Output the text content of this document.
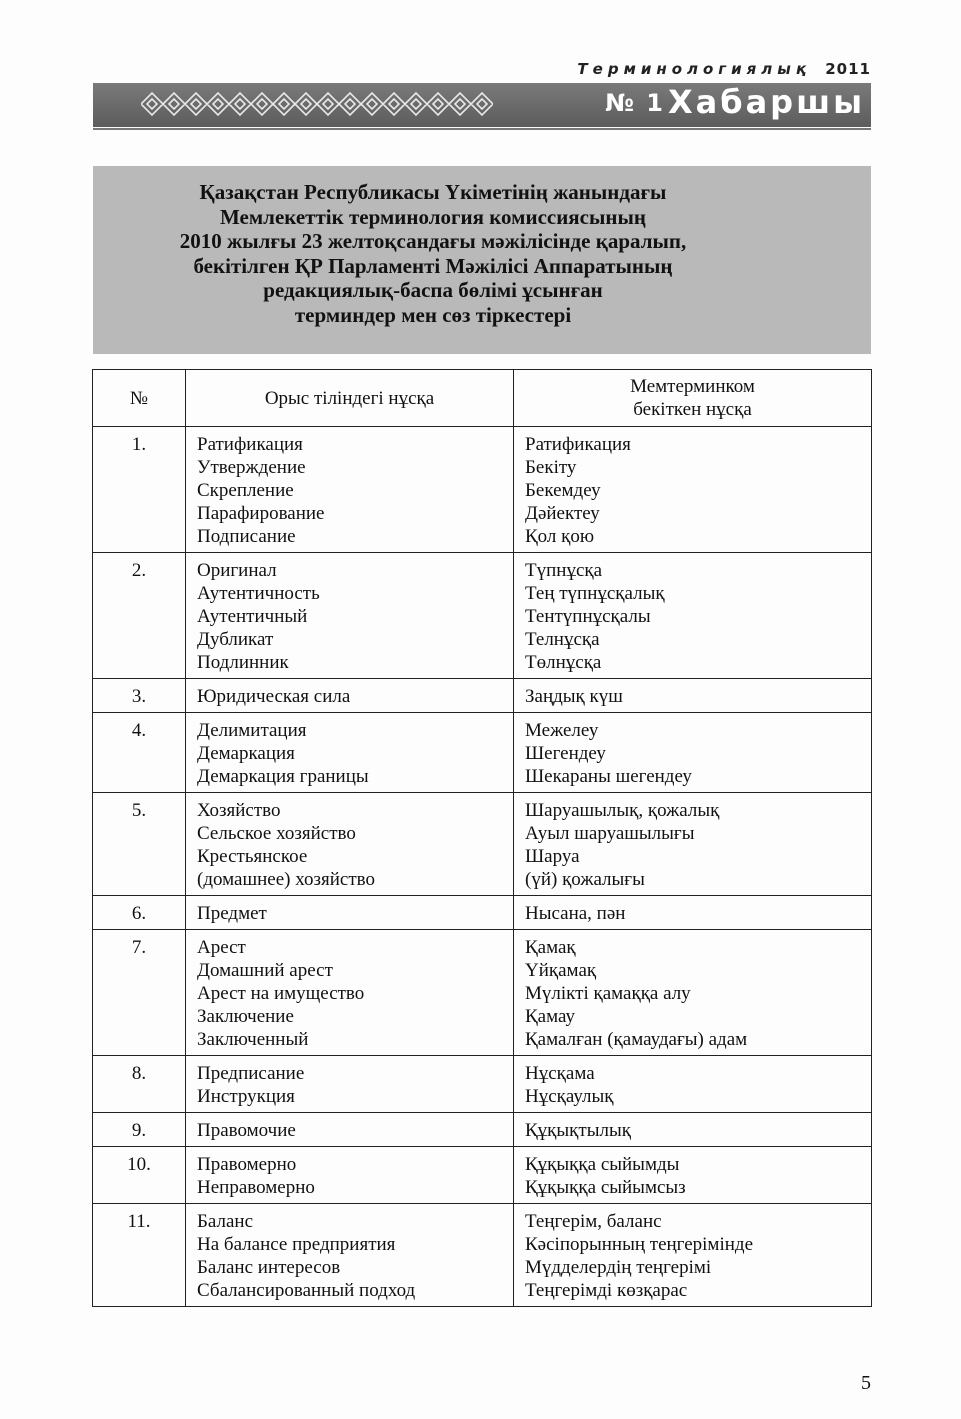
Терминологиялық 2011
№ 1 Хабаршы
Қазақстан Республикасы Үкіметінің жанындағы
Мемлекеттік терминология комиссиясының
2010 жылғы 23 желтоқсандағы мәжілісінде қаралып,
бекітілген ҚР Парламенті Мәжілісі Аппаратының
редакциялық-баспа бөлімі ұсынған
терминдер мен сөз тіркестері
№	Орыс тіліндегі нұсқа	Мемтерминком
бекіткен нұсқа

1.	Ратификация
Утверждение
Скрепление
Парафирование
Подписание	Ратификация
Бекіту
Бекемдеу
Дәйектеу
Қол қою

2.	Оригинал
Аутентичность
Аутентичный
Дубликат
Подлинник	Түпнұсқа
Тең түпнұсқалық
Тентүпнұсқалы
Телнұсқа
Төлнұсқа

3.	Юридическая сила	Заңдық күш

4.	Делимитация
Демаркация
Демаркация границы	Межелеу
Шегендеу
Шекараны шегендеу

5.	Хозяйство
Сельское хозяйство
Крестьянское
(домашнее) хозяйство	Шаруашылық, қожалық
Ауыл шаруашылығы
Шаруа
(үй) қожалығы

6.	Предмет	Нысана, пән

7.	Арест
Домашний арест
Арест на имущество
Заключение
Заключенный	Қамақ
Үйқамақ
Мүлікті қамаққа алу
Қамау
Қамалған (қамаудағы) адам

8.	Предписание
Инструкция	Нұсқама
Нұсқаулық

9.	Правомочие	Құқықтылық

10.	Правомерно
Неправомерно	Құқыққа сыйымды
Құқыққа сыйымсыз

11.	Баланс
На балансе предприятия
Баланс интересов
Сбалансированный подход	Теңгерім, баланс
Кәсіпорынның теңгерімінде
Мүдделердің теңгерімі
Теңгерімді көзқарас
5
